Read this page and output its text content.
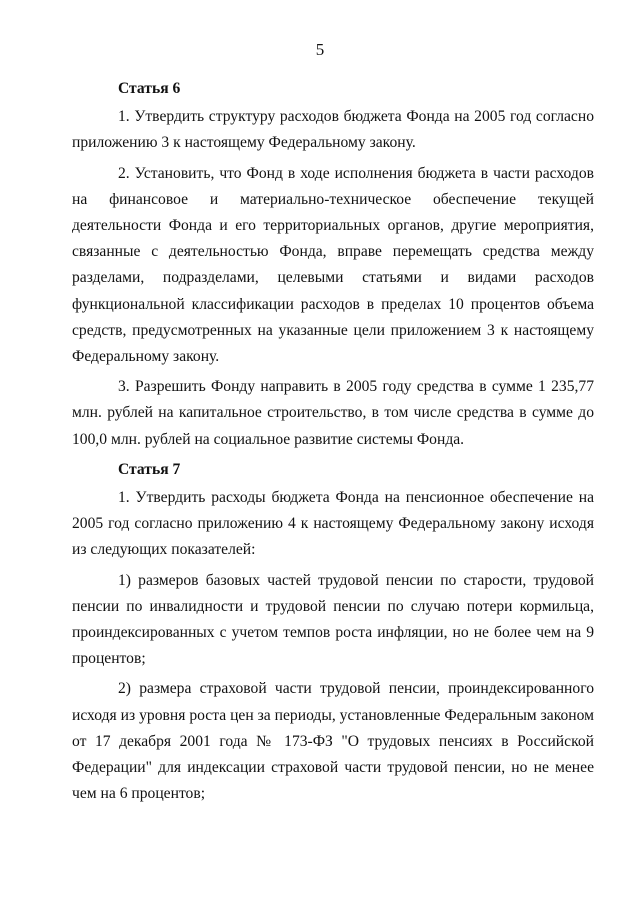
5

Статья 6

1. Утвердить структуру расходов бюджета Фонда на 2005 год согласно приложению 3 к настоящему Федеральному закону.

2. Установить, что Фонд в ходе исполнения бюджета в части расходов на финансовое и материально-техническое обеспечение текущей деятельности Фонда и его территориальных органов, другие мероприятия, связанные с деятельностью Фонда, вправе перемещать средства между разделами, подразделами, целевыми статьями и видами расходов функциональной классификации расходов в пределах 10 процентов объема средств, предусмотренных на указанные цели приложением 3 к настоящему Федеральному закону.

3. Разрешить Фонду направить в 2005 году средства в сумме 1 235,77 млн. рублей на капитальное строительство, в том числе средства в сумме до 100,0 млн. рублей на социальное развитие системы Фонда.

Статья 7

1. Утвердить расходы бюджета Фонда на пенсионное обеспечение на 2005 год согласно приложению 4 к настоящему Федеральному закону исходя из следующих показателей:

1) размеров базовых частей трудовой пенсии по старости, трудовой пенсии по инвалидности и трудовой пенсии по случаю потери кормильца, проиндексированных с учетом темпов роста инфляции, но не более чем на 9 процентов;

2) размера страховой части трудовой пенсии, проиндексированного исходя из уровня роста цен за периоды, установленные Федеральным законом от 17 декабря 2001 года № 173-ФЗ "О трудовых пенсиях в Российской Федерации" для индексации страховой части трудовой пенсии, но не менее чем на 6 процентов;
